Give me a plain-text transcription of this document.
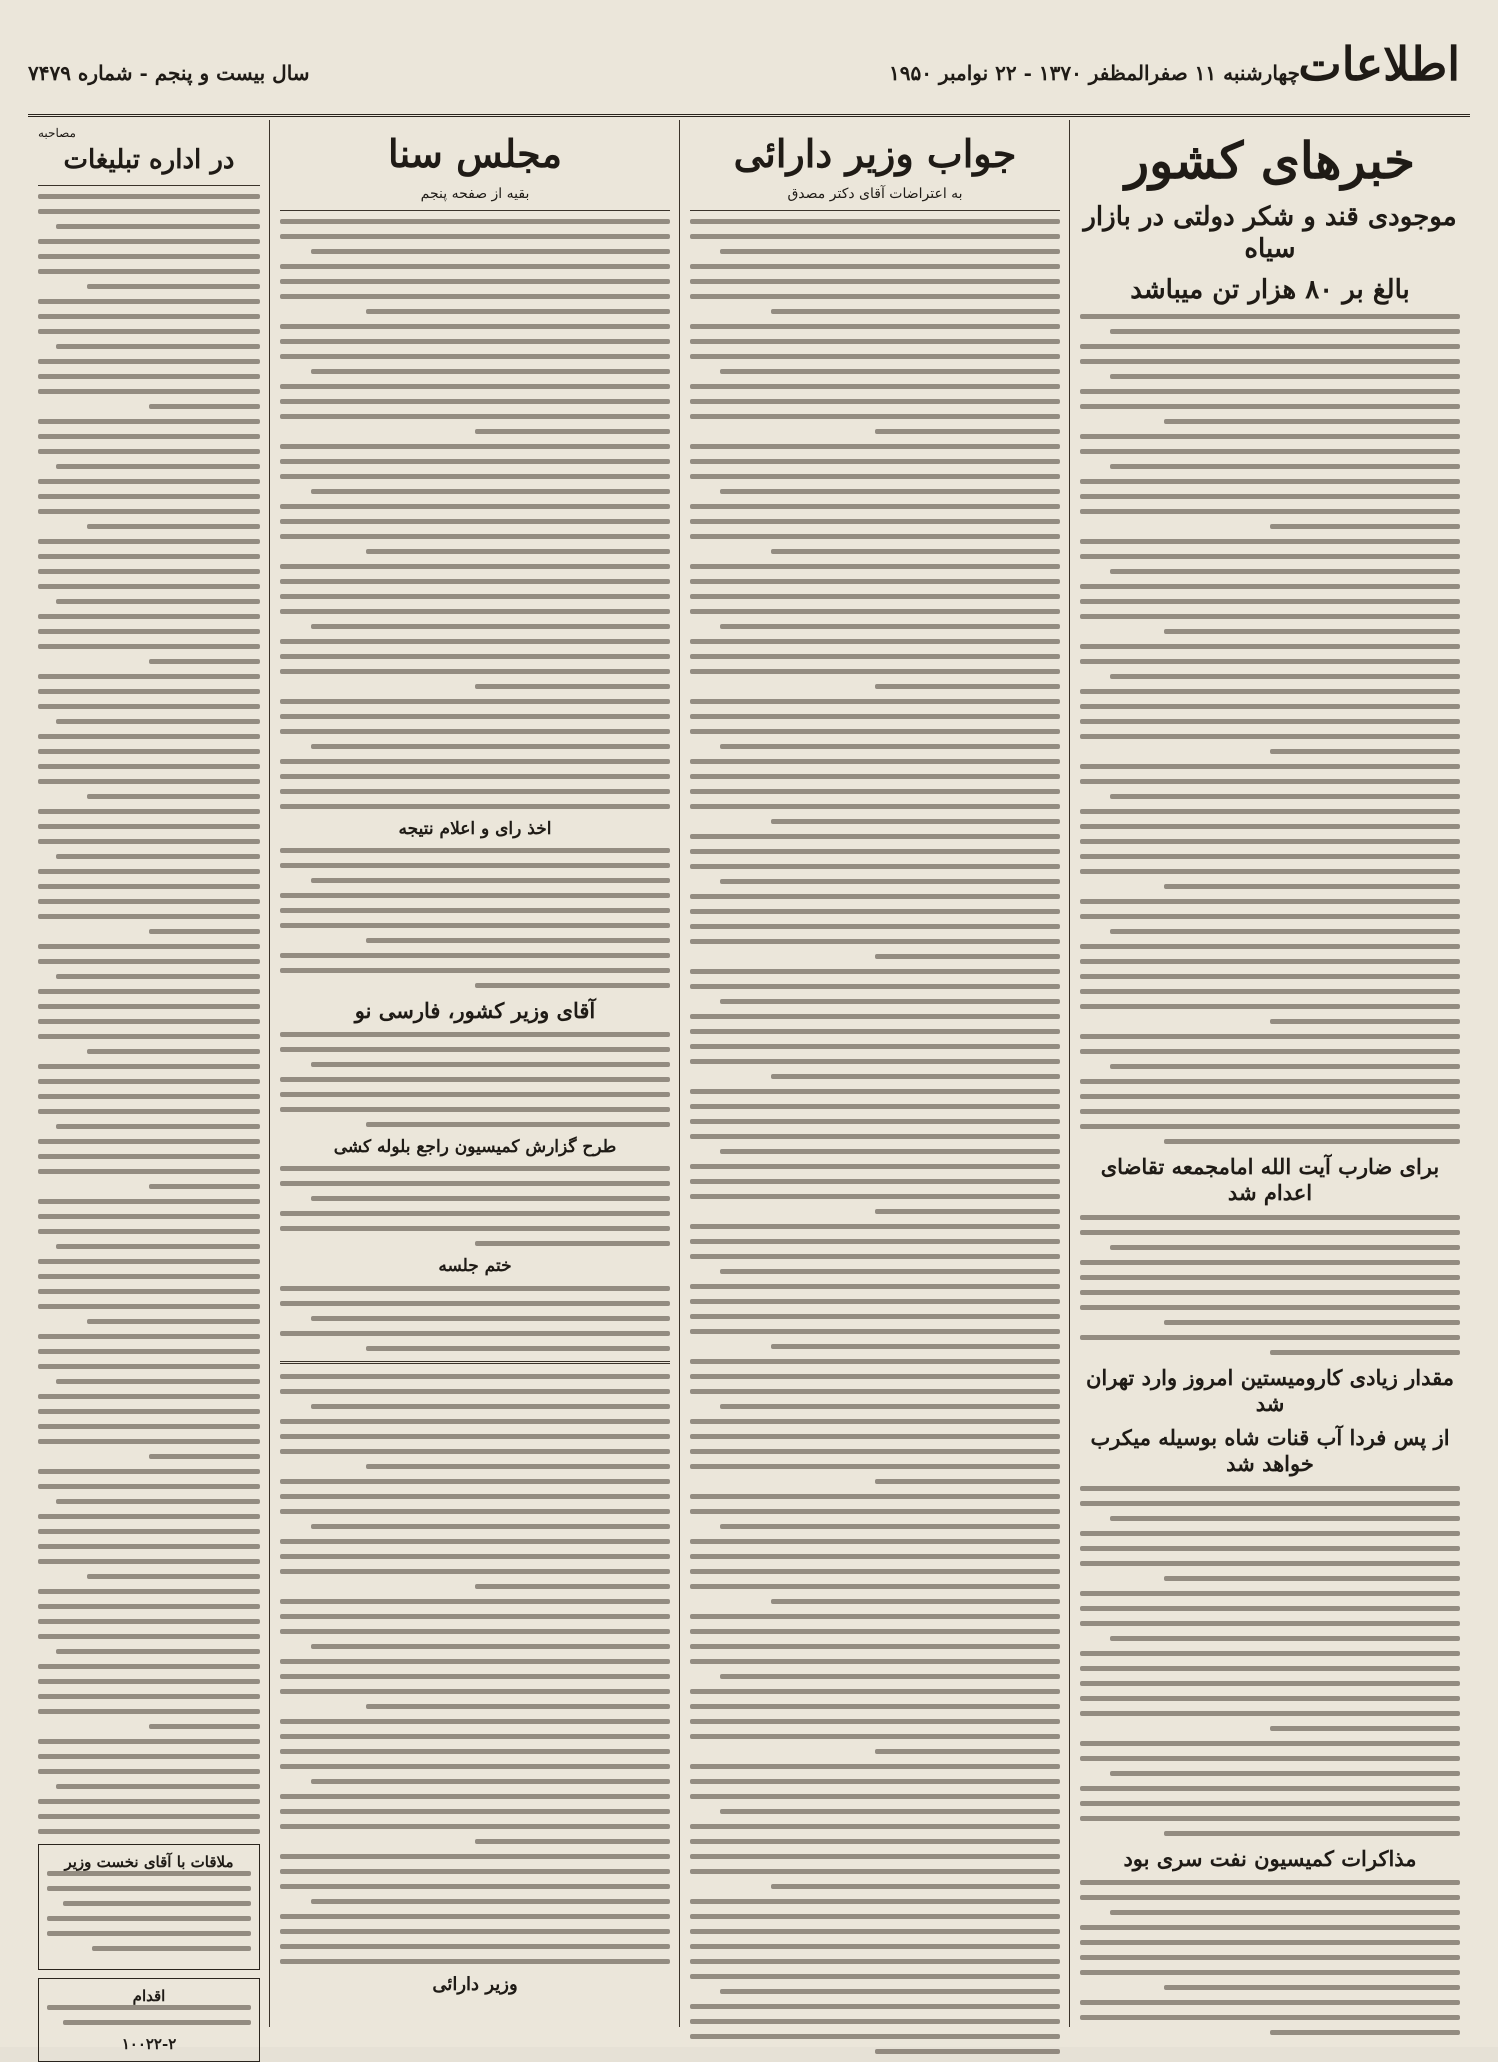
اطلاعات
چهارشنبه ۱۱ صفرالمظفر ۱۳۷۰ - ۲۲ نوامبر ۱۹۵۰
سال بیست و پنجم - شماره ۷۴۷۹
خبرهای کشور
موجودی قند و شکر دولتی در بازار سیاه
بالغ بر ۸۰ هزار تن میباشد
برای ضارب آیت الله امامجمعه تقاضای اعدام شد
مقدار زیادی کارومیستین امروز وارد تهران شد
از پس فردا آب قنات شاه بوسیله میکرب خواهد شد
مذاکرات کمیسیون نفت سری بود
جواب وزیر دارائی
به اعتراضات آقای دکتر مصدق
مجلس سنا
بقیه از صفحه پنجم
اخذ رای و اعلام نتیجه
آقای وزیر کشور، فارسی نو
طرح گزارش کمیسیون راجع بلوله کشی
ختم جلسه
وزیر دارائی
مصاحبه
در اداره تبلیغات
ملاقات با آقای نخست وزیر
اقدام
۱۰۰۲۲-۲
